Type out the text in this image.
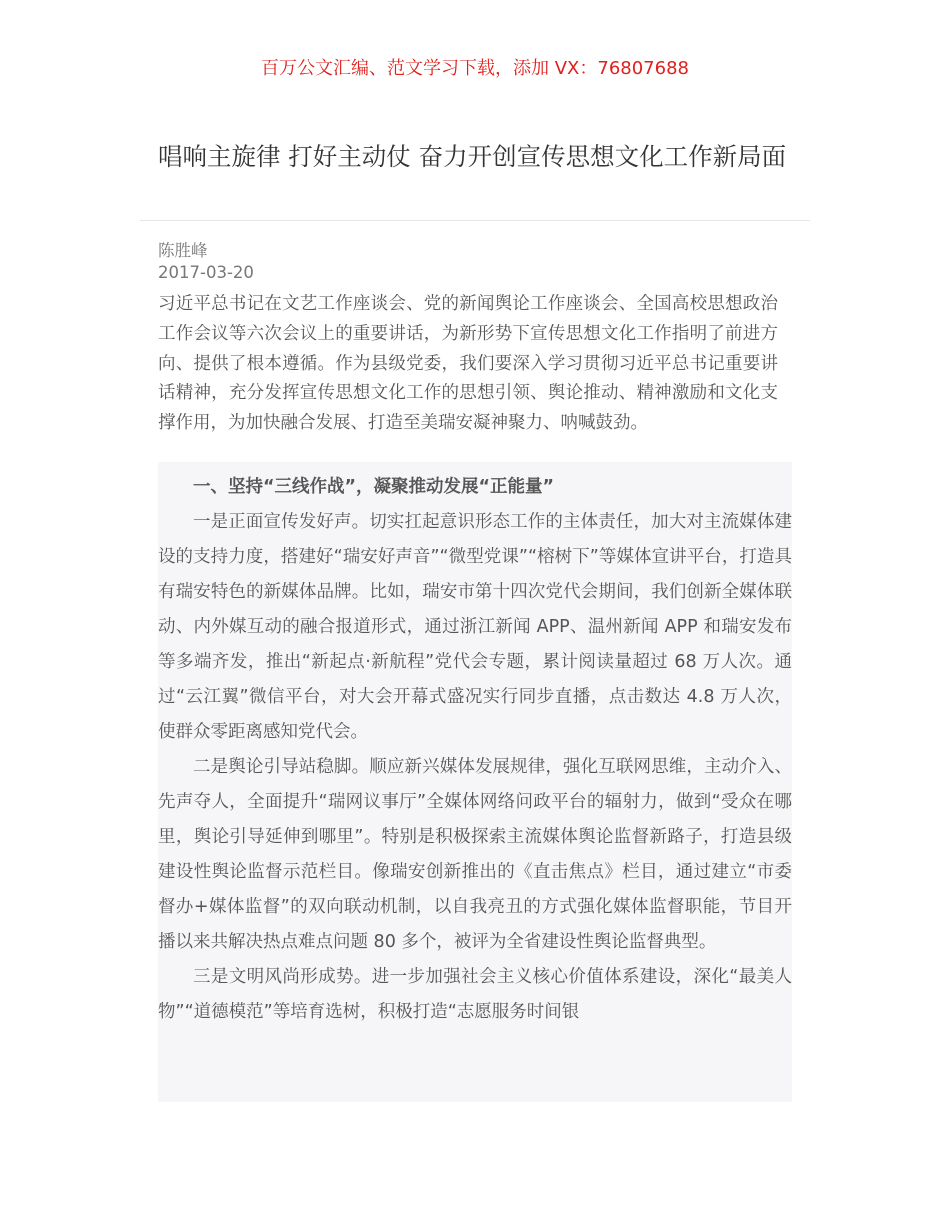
百万公文汇编、范文学习下载，添加 VX：76807688
唱响主旋律 打好主动仗 奋力开创宣传思想文化工作新局面
陈胜峰
2017-03-20

习近平总书记在文艺工作座谈会、党的新闻舆论工作座谈会、全国高校思想政治工作会议等六次会议上的重要讲话，为新形势下宣传思想文化工作指明了前进方向、提供了根本遵循。作为县级党委，我们要深入学习贯彻习近平总书记重要讲话精神，充分发挥宣传思想文化工作的思想引领、舆论推动、精神激励和文化支撑作用，为加快融合发展、打造至美瑞安凝神聚力、呐喊鼓劲。

一、坚持“三线作战”，凝聚推动发展“正能量”

一是正面宣传发好声。切实扛起意识形态工作的主体责任，加大对主流媒体建设的支持力度，搭建好“瑞安好声音”“微型党课”“榕树下”等媒体宣讲平台，打造具有瑞安特色的新媒体品牌。比如，瑞安市第十四次党代会期间，我们创新全媒体联动、内外媒互动的融合报道形式，通过浙江新闻 APP、温州新闻 APP 和瑞安发布等多端齐发，推出“新起点·新航程”党代会专题，累计阅读量超过 68 万人次。通过“云江翼”微信平台，对大会开幕式盛况实行同步直播，点击数达 4.8 万人次，使群众零距离感知党代会。

二是舆论引导站稳脚。顺应新兴媒体发展规律，强化互联网思维，主动介入、先声夺人，全面提升“瑞网议事厅”全媒体网络问政平台的辐射力，做到“受众在哪里，舆论引导延伸到哪里”。特别是积极探索主流媒体舆论监督新路子，打造县级建设性舆论监督示范栏目。像瑞安创新推出的《直击焦点》栏目，通过建立“市委督办+媒体监督”的双向联动机制，以自我亮丑的方式强化媒体监督职能，节目开播以来共解决热点难点问题 80 多个，被评为全省建设性舆论监督典型。

三是文明风尚形成势。进一步加强社会主义核心价值体系建设，深化“最美人物”“道德模范”等培育选树，积极打造“志愿服务时间银
